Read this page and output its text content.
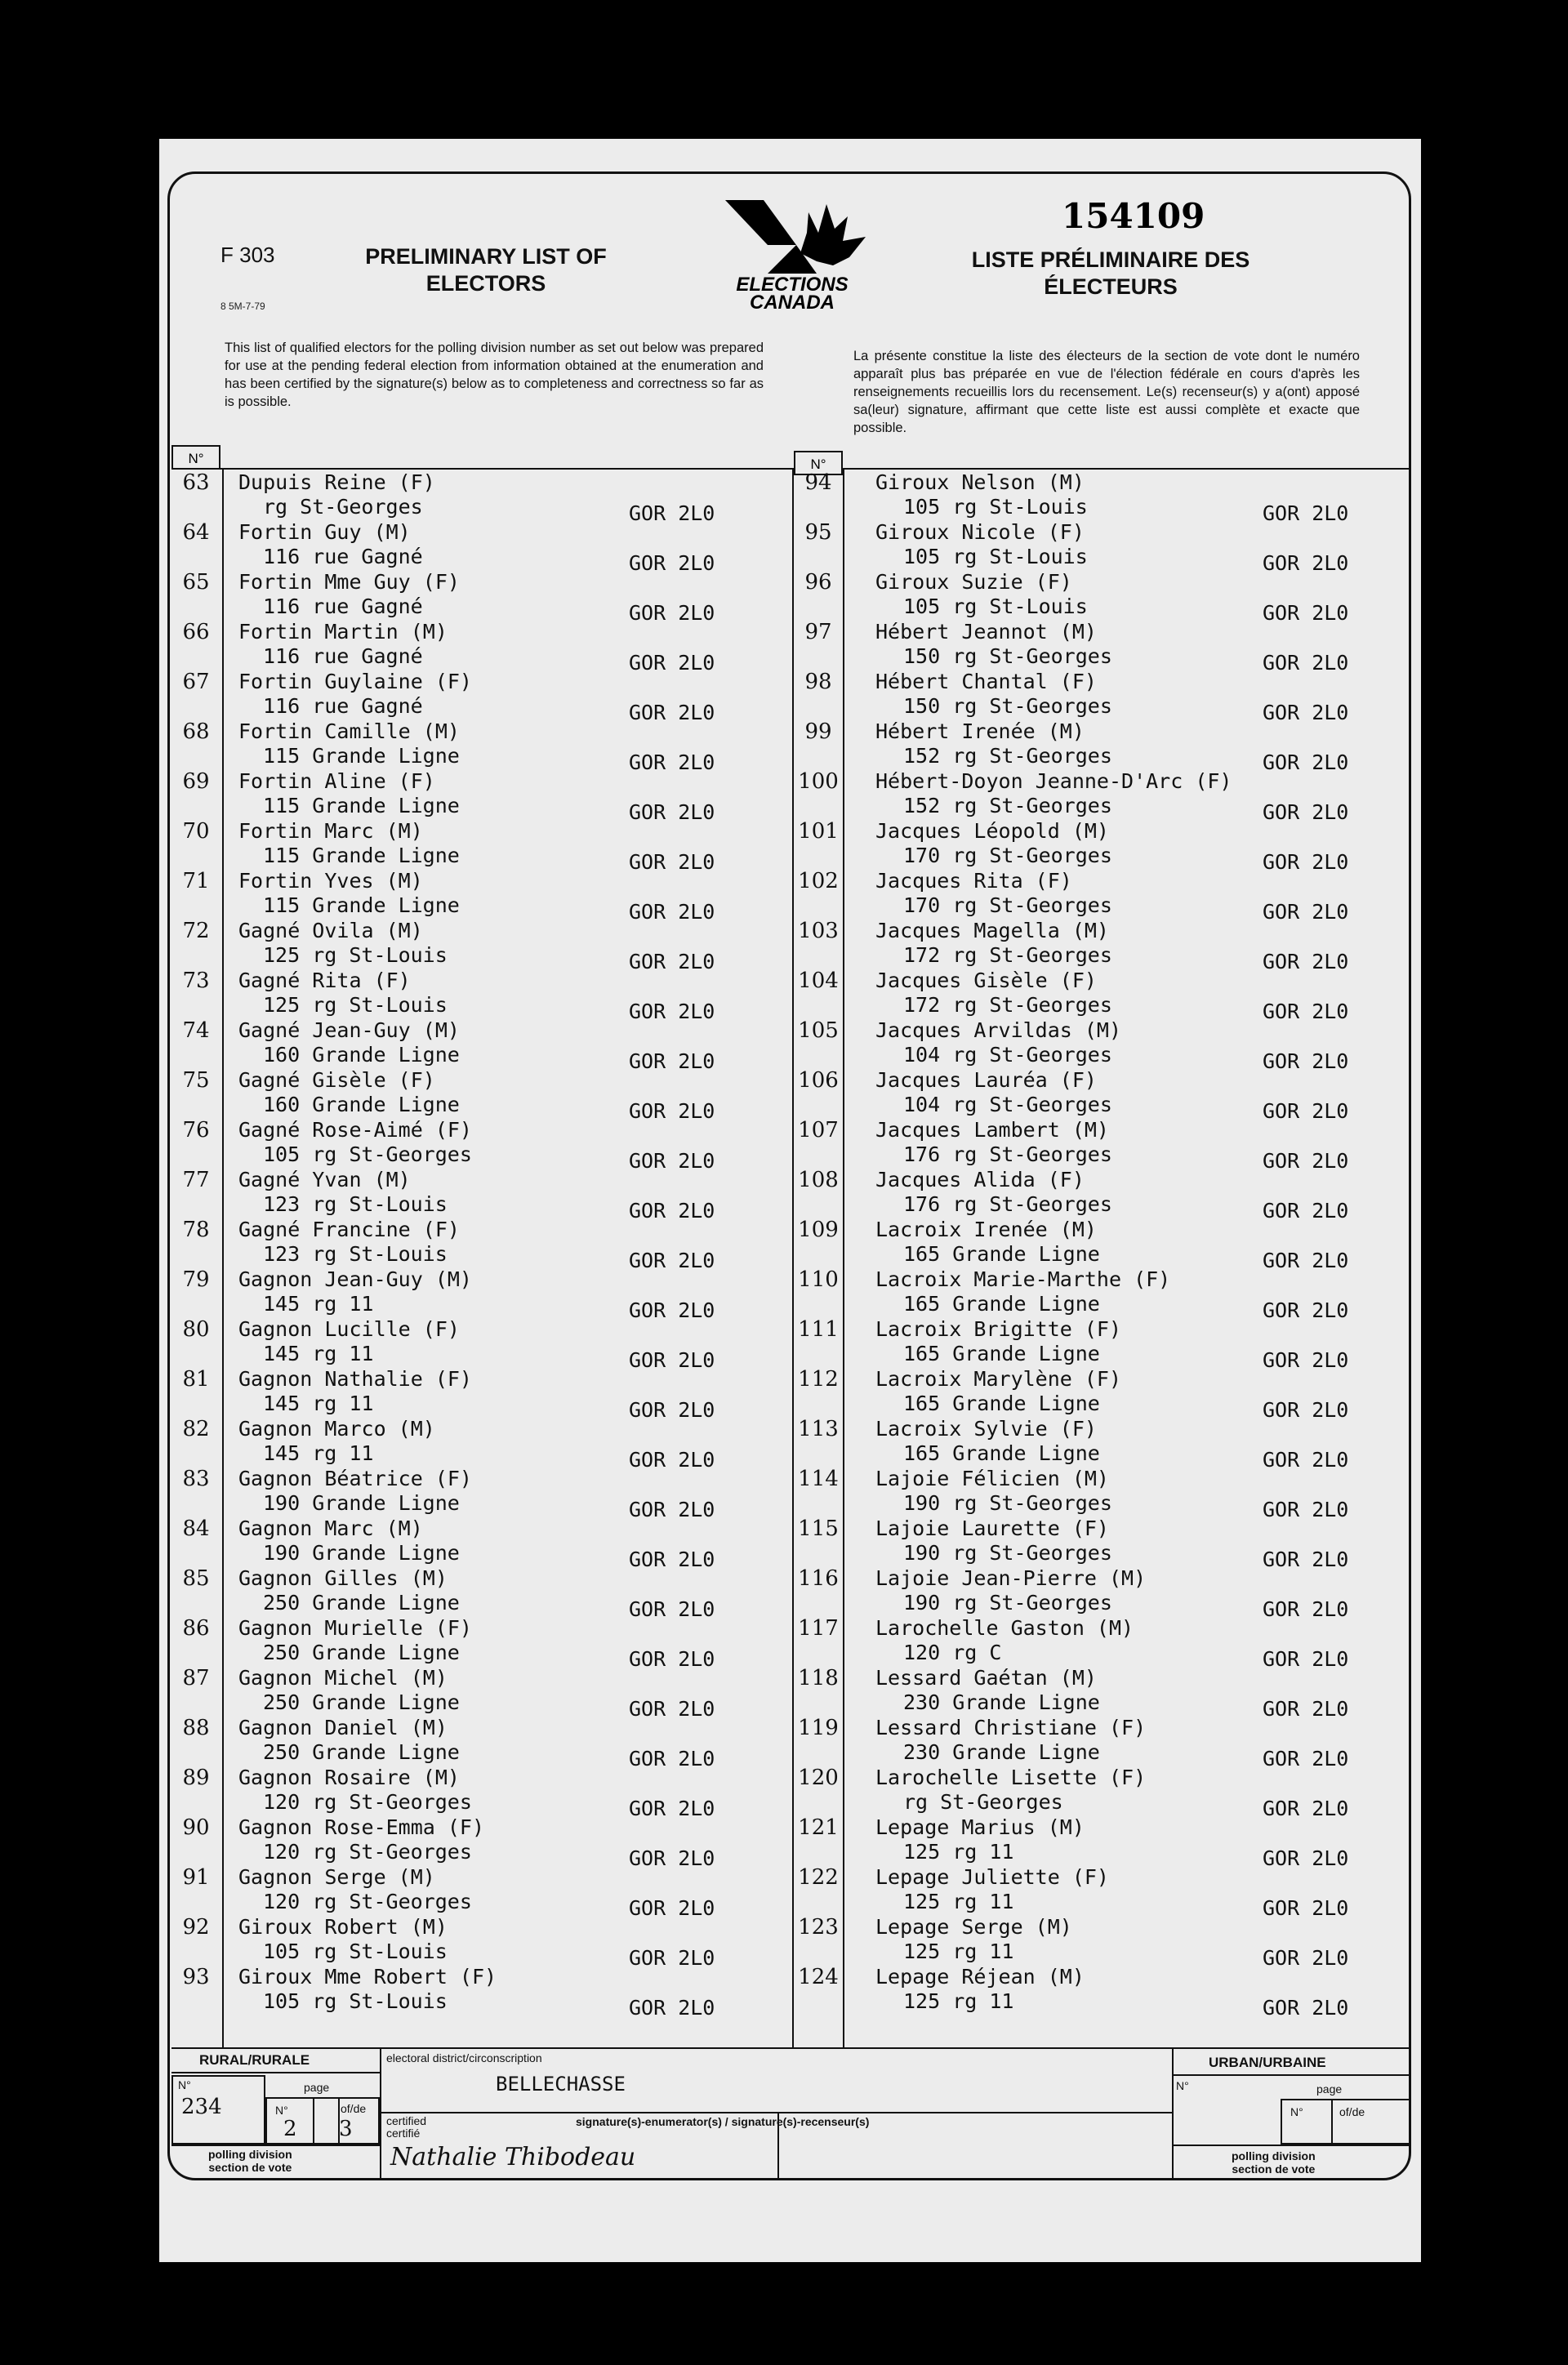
F 303
8 5M-7-79
PRELIMINARY LIST OF ELECTORS	ELECTIONS CANADA
154109
LISTE PRÉLIMINAIRE DES ÉLECTEURS
This list of qualified electors for the polling division number as set out below was prepared for use at the pending federal election from information obtained at the enumeration and has been certified by the signature(s) below as to completeness and correctness so far as is possible.
La présente constitue la liste des électeurs de la section de vote dont le numéro apparaît plus bas préparée en vue de l'élection fédérale en cours d'après les renseignements recueillis lors du recensement. Le(s) recenseur(s) y a(ont) apposé sa(leur) signature, affirmant que cette liste est aussi complète et exacte que possible.
N°	N°
63	Dupuis Reine (F)
rg St-Georges	GOR 2L0
64	Fortin Guy (M)
116 rue Gagné	GOR 2L0
65	Fortin Mme Guy (F)
116 rue Gagné	GOR 2L0
66	Fortin Martin (M)
116 rue Gagné	GOR 2L0
67	Fortin Guylaine (F)
116 rue Gagné	GOR 2L0
68	Fortin Camille (M)
115 Grande Ligne	GOR 2L0
69	Fortin Aline (F)
115 Grande Ligne	GOR 2L0
70	Fortin Marc (M)
115 Grande Ligne	GOR 2L0
71	Fortin Yves (M)
115 Grande Ligne	GOR 2L0
72	Gagné Ovila (M)
125 rg St-Louis	GOR 2L0
73	Gagné Rita (F)
125 rg St-Louis	GOR 2L0
74	Gagné Jean-Guy (M)
160 Grande Ligne	GOR 2L0
75	Gagné Gisèle (F)
160 Grande Ligne	GOR 2L0
76	Gagné Rose-Aimé (F)
105 rg St-Georges	GOR 2L0
77	Gagné Yvan (M)
123 rg St-Louis	GOR 2L0
78	Gagné Francine (F)
123 rg St-Louis	GOR 2L0
79	Gagnon Jean-Guy (M)
145 rg 11	GOR 2L0
80	Gagnon Lucille (F)
145 rg 11	GOR 2L0
81	Gagnon Nathalie (F)
145 rg 11	GOR 2L0
82	Gagnon Marco (M)
145 rg 11	GOR 2L0
83	Gagnon Béatrice (F)
190 Grande Ligne	GOR 2L0
84	Gagnon Marc (M)
190 Grande Ligne	GOR 2L0
85	Gagnon Gilles (M)
250 Grande Ligne	GOR 2L0
86	Gagnon Murielle (F)
250 Grande Ligne	GOR 2L0
87	Gagnon Michel (M)
250 Grande Ligne	GOR 2L0
88	Gagnon Daniel (M)
250 Grande Ligne	GOR 2L0
89	Gagnon Rosaire (M)
120 rg St-Georges	GOR 2L0
90	Gagnon Rose-Emma (F)
120 rg St-Georges	GOR 2L0
91	Gagnon Serge (M)
120 rg St-Georges	GOR 2L0
92	Giroux Robert (M)
105 rg St-Louis	GOR 2L0
93	Giroux Mme Robert (F)
105 rg St-Louis	GOR 2L0
94	Giroux Nelson (M)
105 rg St-Louis	GOR 2L0
95	Giroux Nicole (F)
105 rg St-Louis	GOR 2L0
96	Giroux Suzie (F)
105 rg St-Louis	GOR 2L0
97	Hébert Jeannot (M)
150 rg St-Georges	GOR 2L0
98	Hébert Chantal (F)
150 rg St-Georges	GOR 2L0
99	Hébert Irenée (M)
152 rg St-Georges	GOR 2L0
100 Hébert-Doyon Jeanne-D'Arc (F)
152 rg St-Georges	GOR 2L0
101 Jacques Léopold (M)
170 rg St-Georges	GOR 2L0
102 Jacques Rita (F)
170 rg St-Georges	GOR 2L0
103 Jacques Magella (M)
172 rg St-Georges	GOR 2L0
104 Jacques Gisèle (F)
172 rg St-Georges	GOR 2L0
105 Jacques Arvildas (M)
104 rg St-Georges	GOR 2L0
106 Jacques Lauréa (F)
104 rg St-Georges	GOR 2L0
107 Jacques Lambert (M)
176 rg St-Georges	GOR 2L0
108 Jacques Alida (F)
176 rg St-Georges	GOR 2L0
109 Lacroix Irenée (M)
165 Grande Ligne	GOR 2L0
110 Lacroix Marie-Marthe (F)
165 Grande Ligne	GOR 2L0
111 Lacroix Brigitte (F)
165 Grande Ligne	GOR 2L0
112 Lacroix Marylène (F)
165 Grande Ligne	GOR 2L0
113 Lacroix Sylvie (F)
165 Grande Ligne	GOR 2L0
114 Lajoie Félicien (M)
190 rg St-Georges	GOR 2L0
115 Lajoie Laurette (F)
190 rg St-Georges	GOR 2L0
116 Lajoie Jean-Pierre (M)
190 rg St-Georges	GOR 2L0
117 Larochelle Gaston (M)
120 rg C	GOR 2L0
118 Lessard Gaétan (M)
230 Grande Ligne	GOR 2L0
119 Lessard Christiane (F)
230 Grande Ligne	GOR 2L0
120 Larochelle Lisette (F)
rg St-Georges	GOR 2L0
121 Lepage Marius (M)
125 rg 11	GOR 2L0
122 Lepage Juliette (F)
125 rg 11	GOR 2L0
123 Lepage Serge (M)
125 rg 11	GOR 2L0
124 Lepage Réjean (M)
125 rg 11	GOR 2L0
RURAL/RURALE	URBAN/URBAINE
N°
234
page
N°	of/de
2 3
polling division
section de vote
electoral district/circonscription
BELLECHASSE
certified
certifié
signature(s)-enumerator(s) / signature(s)-recenseur(s)
Nathalie Thibodeau
N°	page
N°	of/de
polling division
section de vote
